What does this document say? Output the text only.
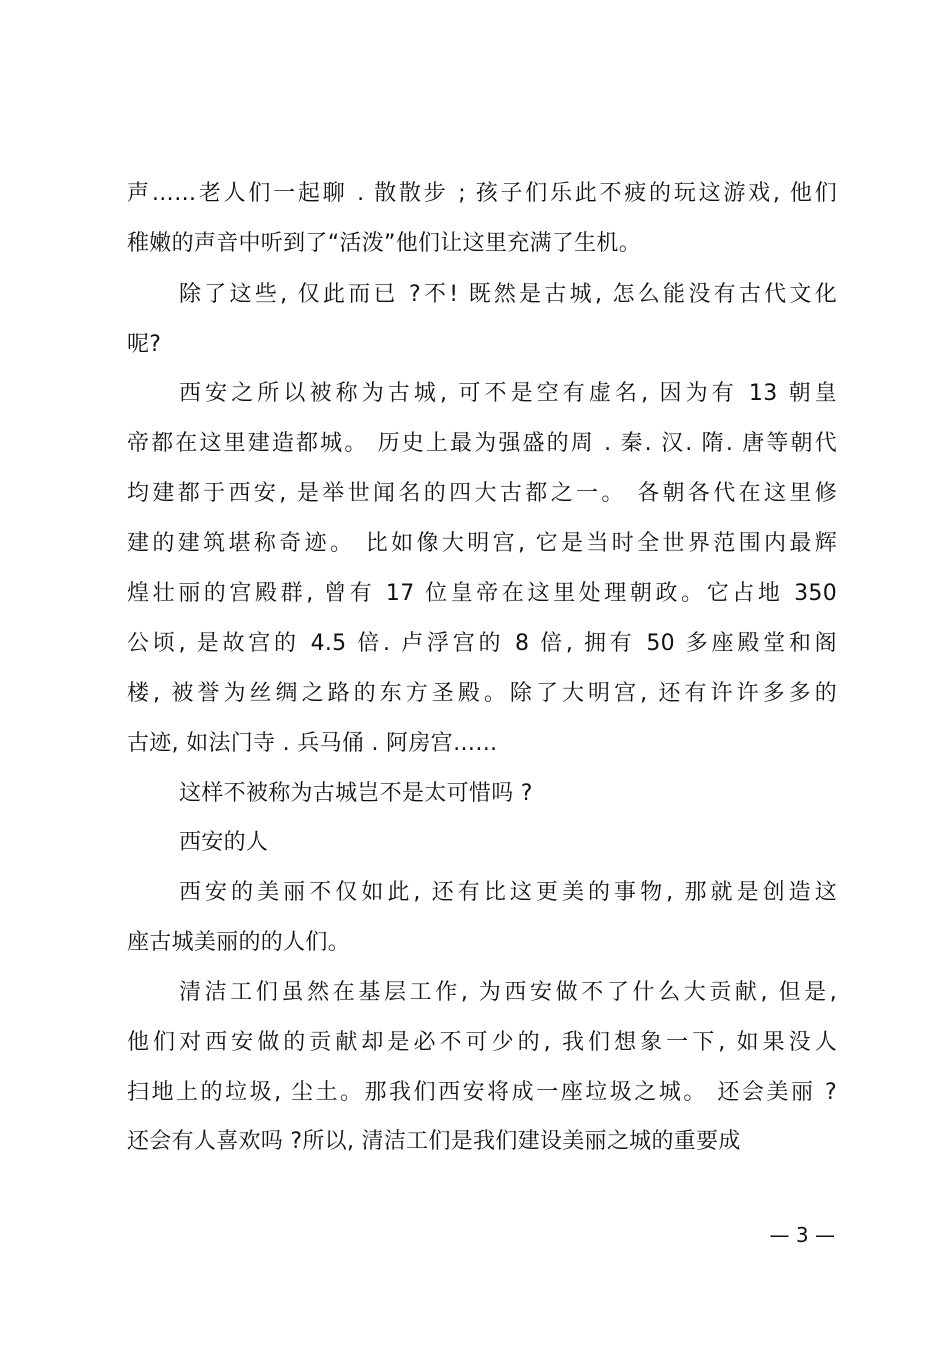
声……老人们一起聊 . 散散步 ; 孩子们乐此不疲的玩这游戏, 他们
稚嫩的声音中听到了“活泼”他们让这里充满了生机。
除了这些, 仅此而已 ?不! 既然是古城, 怎么能没有古代文化
呢?
西安之所以被称为古城, 可不是空有虚名, 因为有 13 朝皇
帝都在这里建造都城。 历史上最为强盛的周 . 秦. 汉. 隋. 唐等朝代
均建都于西安, 是举世闻名的四大古都之一。 各朝各代在这里修
建的建筑堪称奇迹。 比如像大明宫, 它是当时全世界范围内最辉
煌壮丽的宫殿群, 曾有 17 位皇帝在这里处理朝政。它占地 350
公顷, 是故宫的 4.5 倍. 卢浮宫的 8 倍, 拥有 50 多座殿堂和阁
楼, 被誉为丝绸之路的东方圣殿。除了大明宫, 还有许许多多的
古迹, 如法门寺 . 兵马俑 . 阿房宫……
这样不被称为古城岂不是太可惜吗 ?
西安的人
西安的美丽不仅如此, 还有比这更美的事物, 那就是创造这
座古城美丽的的人们。
清洁工们虽然在基层工作, 为西安做不了什么大贡献, 但是,
他们对西安做的贡献却是必不可少的, 我们想象一下, 如果没人
扫地上的垃圾, 尘土。那我们西安将成一座垃圾之城。 还会美丽 ?
还会有人喜欢吗 ?所以, 清洁工们是我们建设美丽之城的重要成
— 3 —
